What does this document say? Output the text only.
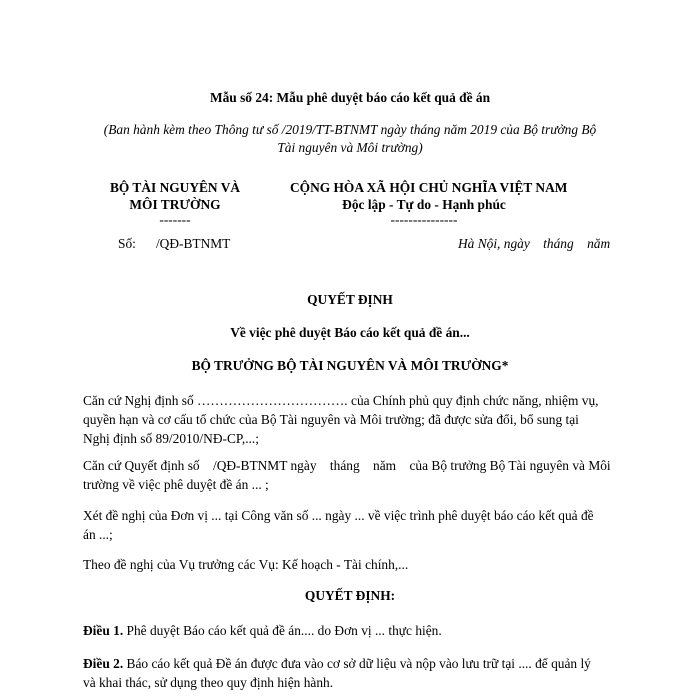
Mẫu số 24: Mẫu phê duyệt báo cáo kết quả đề án
(Ban hành kèm theo Thông tư số /2019/TT-BTNMT ngày tháng năm 2019 của Bộ trưởng Bộ
Tài nguyên và Môi trường)
BỘ TÀI NGUYÊN VÀ
MÔI TRƯỜNG
-------
Số:      /QĐ-BTNMT
CỘNG HÒA XÃ HỘI CHỦ NGHĨA VIỆT NAM
Độc lập - Tự do - Hạnh phúc
---------------
Hà Nội, ngày    tháng    năm
QUYẾT ĐỊNH
Về việc phê duyệt Báo cáo kết quả đề án...
BỘ TRƯỞNG BỘ TÀI NGUYÊN VÀ MÔI TRƯỜNG*
Căn cứ Nghị định số ……………………………. của Chính phủ quy định chức năng, nhiệm vụ,
quyền hạn và cơ cấu tổ chức của Bộ Tài nguyên và Môi trường; đã được sửa đổi, bổ sung tại
Nghị định số 89/2010/NĐ-CP,...;
Căn cứ Quyết định số    /QĐ-BTNMT ngày    tháng    năm    của Bộ trưởng Bộ Tài nguyên và Môi
trường về việc phê duyệt đề án ... ;
Xét đề nghị của Đơn vị ... tại Công văn số ... ngày ... về việc trình phê duyệt báo cáo kết quả đề
án ...;
Theo đề nghị của Vụ trưởng các Vụ: Kế hoạch - Tài chính,...
QUYẾT ĐỊNH:
Điều 1. Phê duyệt Báo cáo kết quả đề án.... do Đơn vị ... thực hiện.
Điều 2. Báo cáo kết quả Đề án được đưa vào cơ sở dữ liệu và nộp vào lưu trữ tại .... để quản lý
và khai thác, sử dụng theo quy định hiện hành.
